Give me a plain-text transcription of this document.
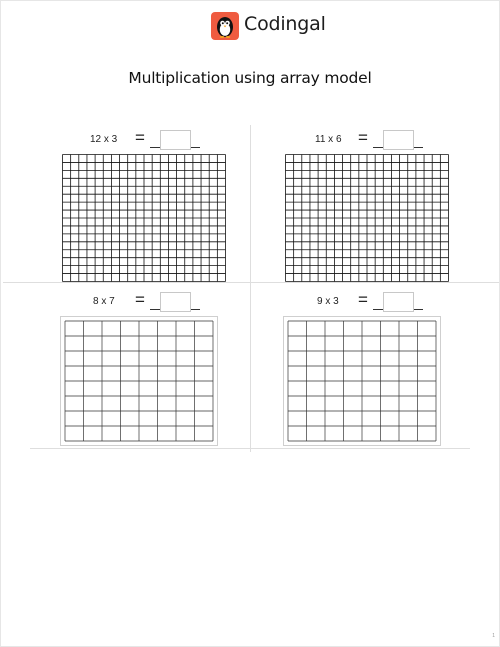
Codingal
Multiplication using array model
12 x 3 =	11 x 6 =
8 x 7 =	9 x 3 =
1
